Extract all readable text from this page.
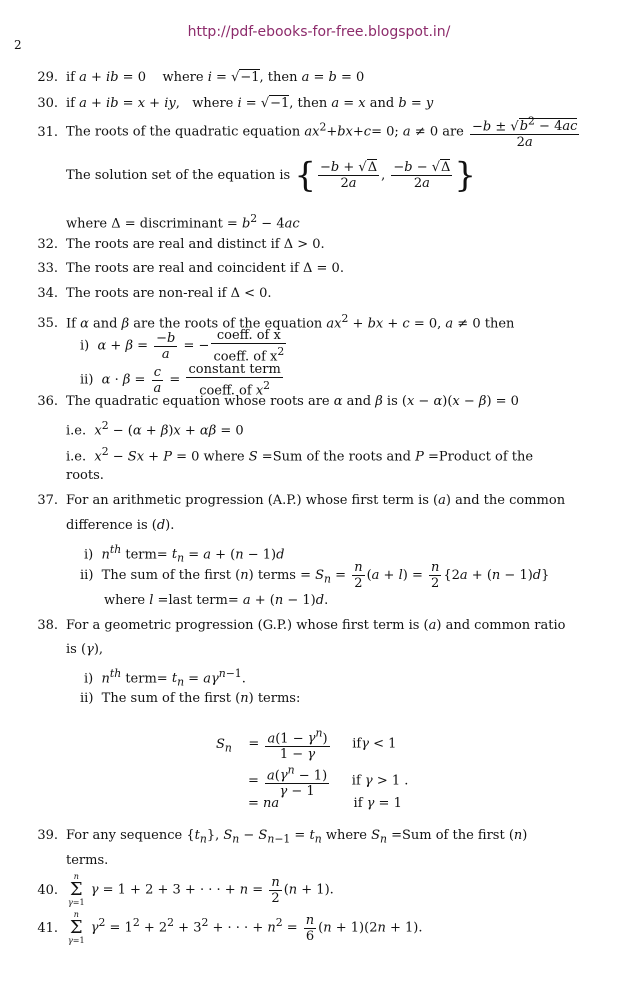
http://pdf-ebooks-for-free.blogspot.in/
2
29. if a + ib = 0    where i = √−1, then a = b = 0
30. if a + ib = x + iy,   where i = √−1, then a = x and b = y
31. The roots of the quadratic equation $ax^2+bx+c= 0$; a ≠ 0 are $\frac{-b \pm √b^2 - 4ac}{2a}$
The solution set of the equation is { $\frac{-b + √\Delta}{2a}$ , $\frac{-b - √\Delta}{2a}$ }
where Δ = discriminant = $b^2 - 4ac$
32. The roots are real and distinct if Δ > 0.
33. The roots are real and coincident if Δ = 0.
34. The roots are non-real if Δ < 0.
35. If α and β are the roots of the equation $ax^2$ + bx + c = 0, a ≠ 0 then
i)  $\alpha + \beta = \frac{-b}{a}$ = − $\frac{\text{coeff. of x}}{coeff. of x^2}$
ii)  $\alpha \cdot \beta = \frac{c}{a} = \frac{\text{constant term}}{coeff. of x^2}$
36. The quadratic equation whose roots are α and β is (x − α)(x − β) = 0
i.e.  $x^2 - (\alpha + \beta)x + \alpha\beta = 0$
i.e.  $x^2 - Sx + P = 0$ where S =Sum of the roots and P =Product of the
roots.
37. For an arithmetic progression (A.P.) whose first term is (a) and the common
difference is (d).
i)  $n^{th}$ term= $t_n = a + (n - 1)d$
ii)  The sum of the first (n) terms = $S_n = \frac{n}{2} (a + l) = \frac{n}{2} \{2a + (n - 1)d\}$
where l =last term= a + (n − 1)d.
38. For a geometric progression (G.P.) whose first term is (a) and common ratio
is (γ),
i)  $n^{th}$ term= $t_n = a\gamma^{n-1}$.
ii)  The sum of the first (n) terms:
$S_n$    = $\frac{a(1 - \gamma^n)}{1 - \gamma}$ ifγ < 1
= $\frac{a(\gamma^n - 1)}{\gamma - 1}$ if γ > 1 .
= na                  if γ = 1
39. For any sequence $\{t_n\}$, $S_n - S_{n-1} = t_n$ where $S_n =Sum$ of the first (n)
terms.
40.n
Σ
γ=1 γ = 1 + 2 + 3 + · · · + $n = \frac{n}{2} (n + 1)$.
41.n
Σ
γ=1 $\gamma^2 = 1^2 + 2^2 + 3^2$ + · · · + $n^2 = \frac{n}{6} (n + 1)(2n + 1)$.
